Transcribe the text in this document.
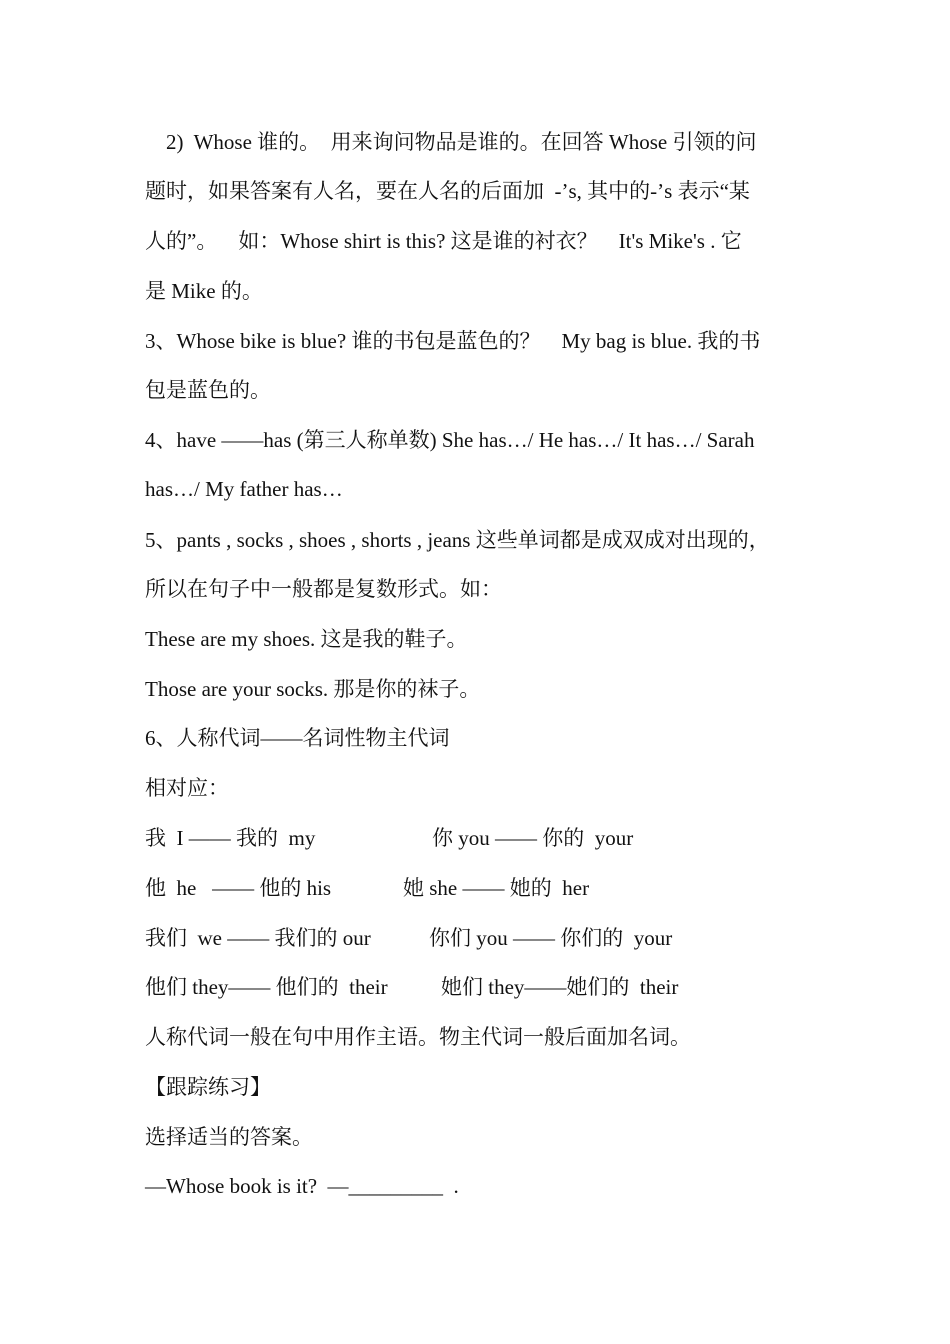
2)  Whose 谁的。  用来询问物品是谁的。在回答 Whose 引领的问
题时，如果答案有人名，要在人名的后面加  -’s, 其中的-’s 表示“某
人的”。    如：Whose shirt is this? 这是谁的衬衣？    It's Mike's . 它
是 Mike 的。
3、Whose bike is blue? 谁的书包是蓝色的？    My bag is blue. 我的书
包是蓝色的。
4、have ——has (第三人称单数) She has…/ He has…/ It has…/ Sarah
has…/ My father has…
5、pants , socks , shoes , shorts , jeans 这些单词都是成双成对出现的，
所以在句子中一般都是复数形式。如：
These are my shoes. 这是我的鞋子。
Those are your socks. 那是你的袜子。
6、人称代词——名词性物主代词
相对应：
我  I —— 我的  my	你 you —— 你的  your
他  he   —— 他的 his	她 she —— 她的  her
我们  we —— 我们的 our	你们 you —— 你们的  your
他们 they—— 他们的  their	她们 they——她们的  their
人称代词一般在句中用作主语。物主代词一般后面加名词。
【跟踪练习】
选择适当的答案。
—Whose book is it?  —_________  .
